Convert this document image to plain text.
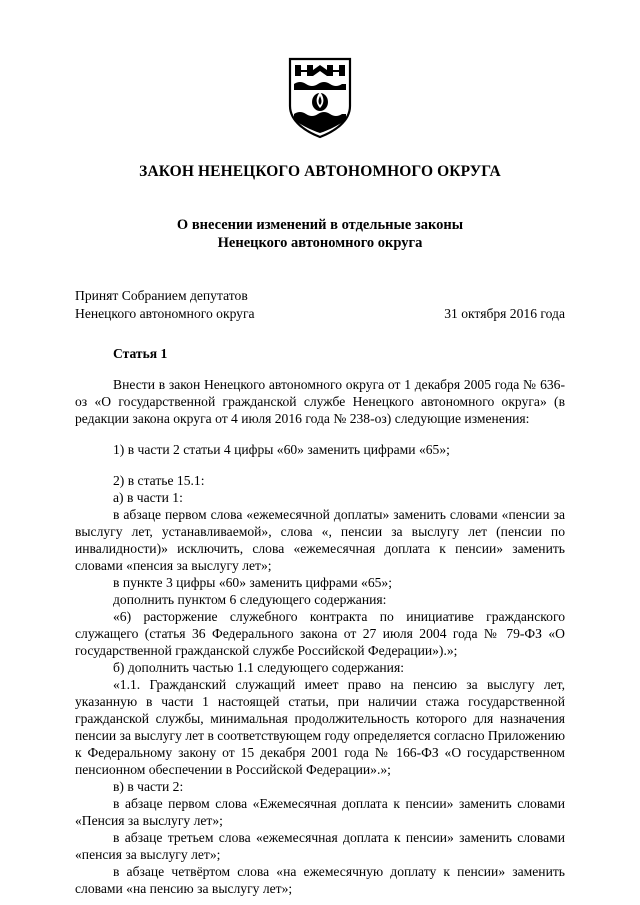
ЗАКОН НЕНЕЦКОГО АВТОНОМНОГО ОКРУГА
О внесении изменений в отдельные законы
Ненецкого автономного округа
Принят Собранием депутатов
Ненецкого автономного округа	31 октября 2016 года
Статья 1

Внести в закон Ненецкого автономного округа от 1 декабря 2005 года № 636-оз «О государственной гражданской службе Ненецкого автономного округа» (в редакции закона округа от 4 июля 2016 года № 238-оз) следующие изменения:

1) в части 2 статьи 4 цифры «60» заменить цифрами «65»;

2) в статье 15.1:

а) в части 1:

в абзаце первом слова «ежемесячной доплаты» заменить словами «пенсии за выслугу лет, устанавливаемой», слова «, пенсии за выслугу лет (пенсии по инвалидности)» исключить, слова «ежемесячная доплата к пенсии» заменить словами «пенсия за выслугу лет»;

в пункте 3 цифры «60» заменить цифрами «65»;

дополнить пунктом 6 следующего содержания:

«6) расторжение служебного контракта по инициативе гражданского служащего (статья 36 Федерального закона от 27 июля 2004 года № 79-ФЗ «О государственной гражданской службе Российской Федерации»).»;

б) дополнить частью 1.1 следующего содержания:

«1.1. Гражданский служащий имеет право на пенсию за выслугу лет, указанную в части 1 настоящей статьи, при наличии стажа государственной гражданской службы, минимальная продолжительность которого для назначения пенсии за выслугу лет в соответствующем году определяется согласно Приложению к Федеральному закону от 15 декабря 2001 года № 166-ФЗ «О государственном пенсионном обеспечении в Российской Федерации».»;

в) в части 2:

в абзаце первом слова «Ежемесячная доплата к пенсии» заменить словами «Пенсия за выслугу лет»;

в абзаце третьем слова «ежемесячная доплата к пенсии» заменить словами «пенсия за выслугу лет»;

в абзаце четвёртом слова «на ежемесячную доплату к пенсии» заменить словами «на пенсию за выслугу лет»;
